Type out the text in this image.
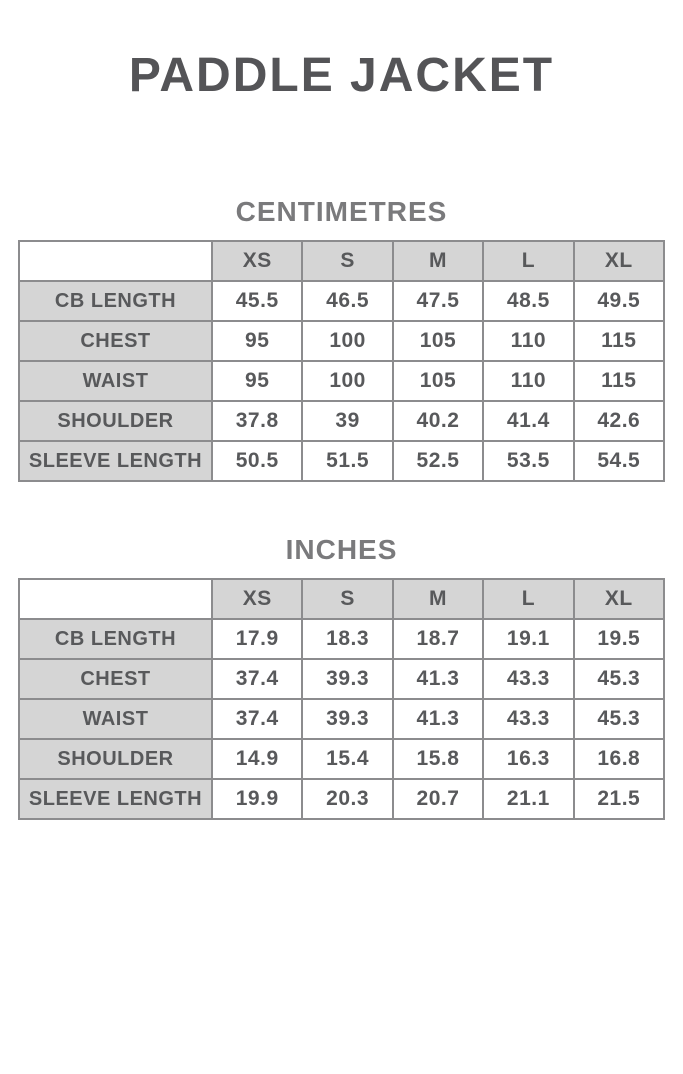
PADDLE JACKET
CENTIMETRES
	XS	S	M	L	XL
CB LENGTH	45.5	46.5	47.5	48.5	49.5
CHEST	95	100	105	110	115
WAIST	95	100	105	110	115
SHOULDER	37.8	39	40.2	41.4	42.6
SLEEVE LENGTH	50.5	51.5	52.5	53.5	54.5
INCHES
	XS	S	M	L	XL
CB LENGTH	17.9	18.3	18.7	19.1	19.5
CHEST	37.4	39.3	41.3	43.3	45.3
WAIST	37.4	39.3	41.3	43.3	45.3
SHOULDER	14.9	15.4	15.8	16.3	16.8
SLEEVE LENGTH	19.9	20.3	20.7	21.1	21.5
